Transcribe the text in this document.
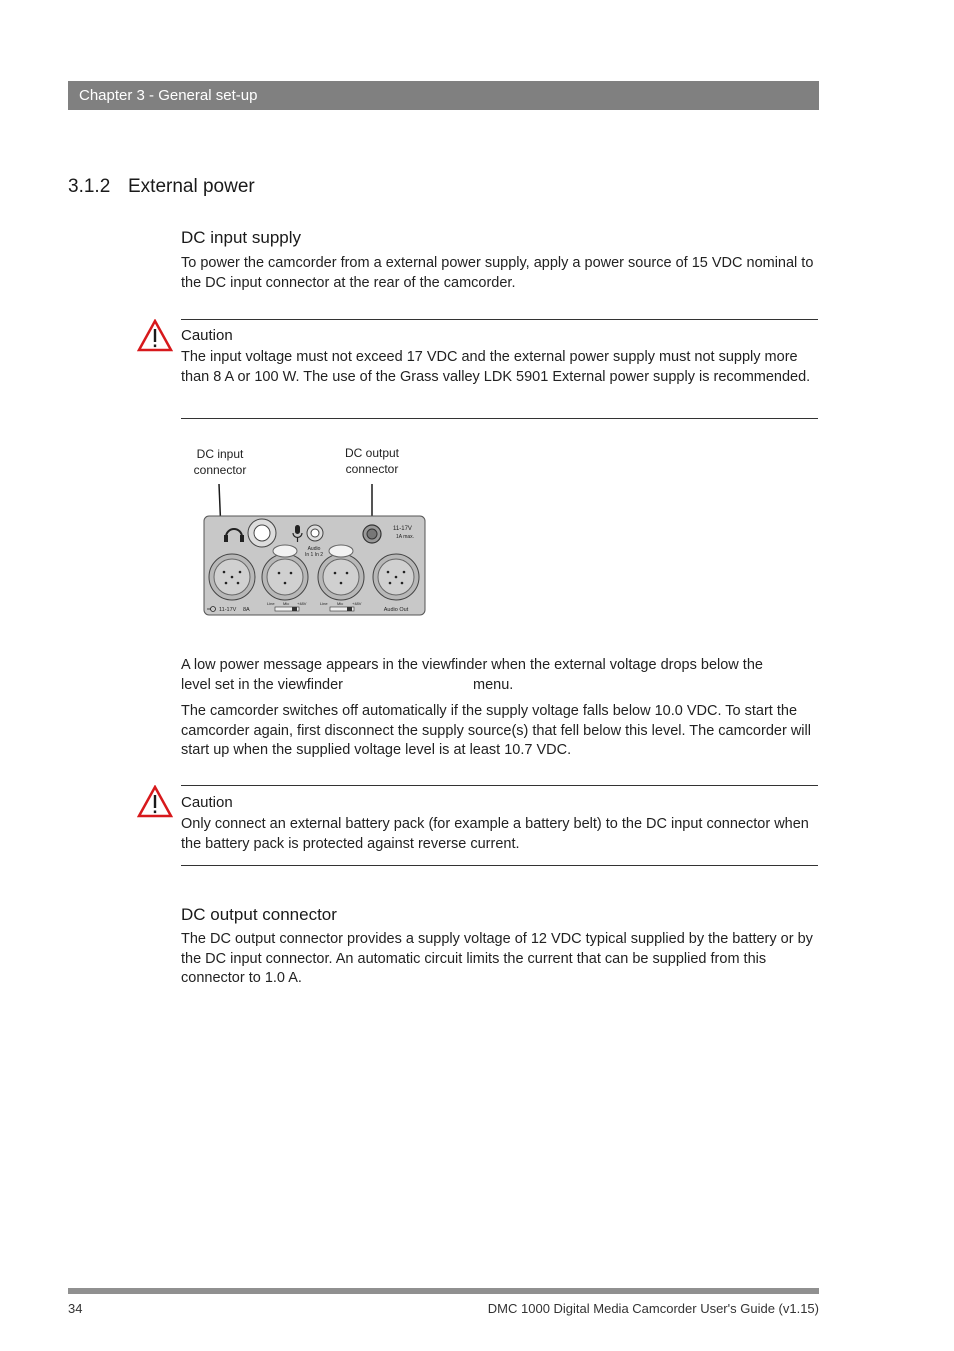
Chapter 3 - General set-up
3.1.2 External power
DC input supply
To power the camcorder from a external power supply, apply a power source of 15 VDC nominal to the DC input connector at the rear of the camcorder.
Caution
The input voltage must not exceed 17 VDC and the external power supply must not supply more than 8 A or 100 W. The use of the Grass valley LDK 5901 External power supply is recommended.
DC input connector
DC output connector
11-17V
1A max.
Audio
In 1 In 2
11-17V 8A	Audio Out
Line Mic +48V	Line Mic +48V
A low power message appears in the viewfinder when the external voltage drops below the
level set in the viewfinder	menu.
The camcorder switches off automatically if the supply voltage falls below 10.0 VDC. To start the camcorder again, first disconnect the supply source(s) that fell below this level. The camcorder will start up when the supplied voltage level is at least 10.7 VDC.
Caution
Only connect an external battery pack (for example a battery belt) to the DC input connector when the battery pack is protected against reverse current.
DC output connector
The DC output connector provides a supply voltage of 12 VDC typical supplied by the battery or by the DC input connector. An automatic circuit limits the current that can be supplied from this connector to 1.0 A.
34	DMC 1000 Digital Media Camcorder User's Guide (v1.15)
